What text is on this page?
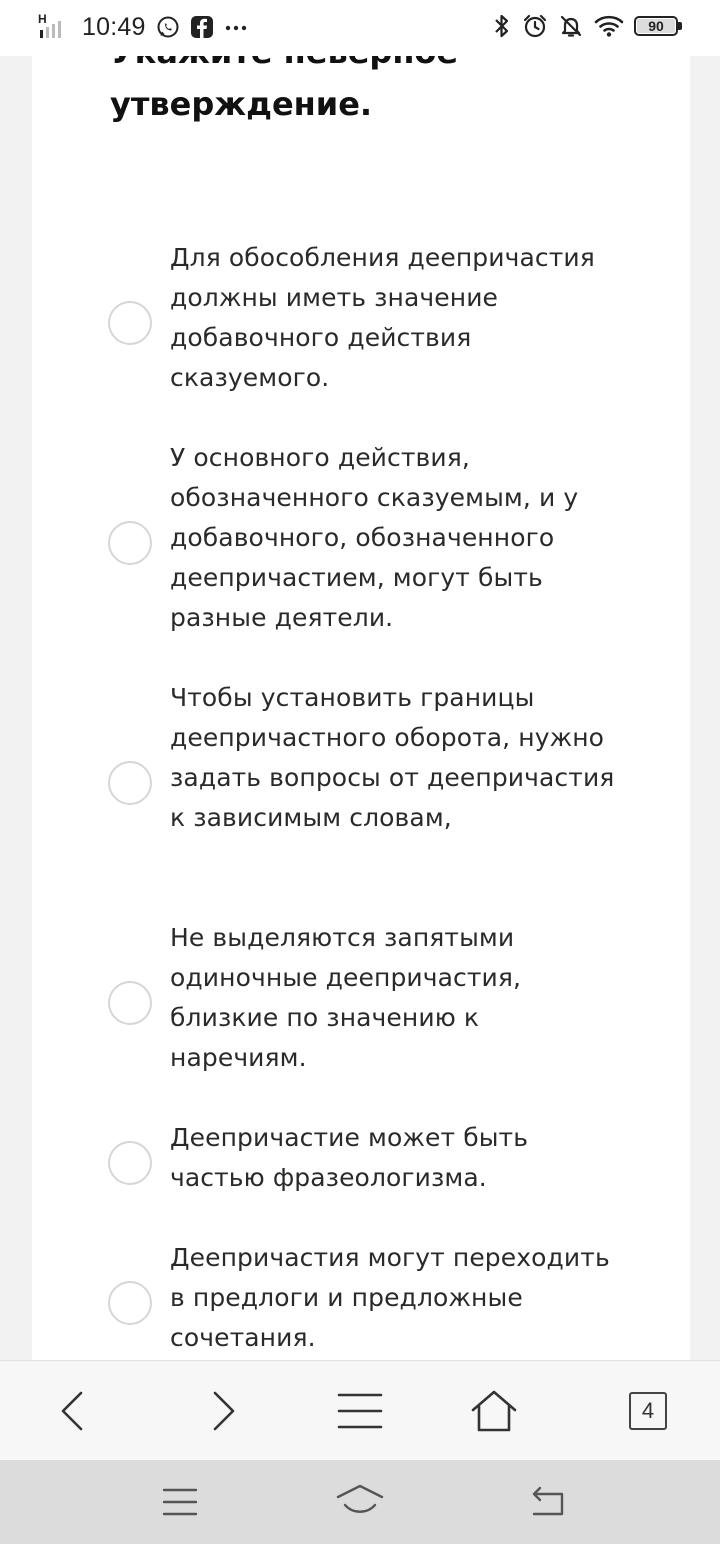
H 10:49	90
утверждение.
Для обособления деепричастия должны иметь значение добавочного действия сказуемого.
У основного действия, обозначенного сказуемым, и у добавочного, обозначенного деепричастием, могут быть разные деятели.
Чтобы установить границы деепричастного оборота, нужно задать вопросы от деепричастия к зависимым словам,
Не выделяются запятыми одиночные деепричастия, близкие по значению к наречиям.
Деепричастие может быть частью фразеологизма.
Деепричастия могут переходить в предлоги и предложные сочетания.
4
